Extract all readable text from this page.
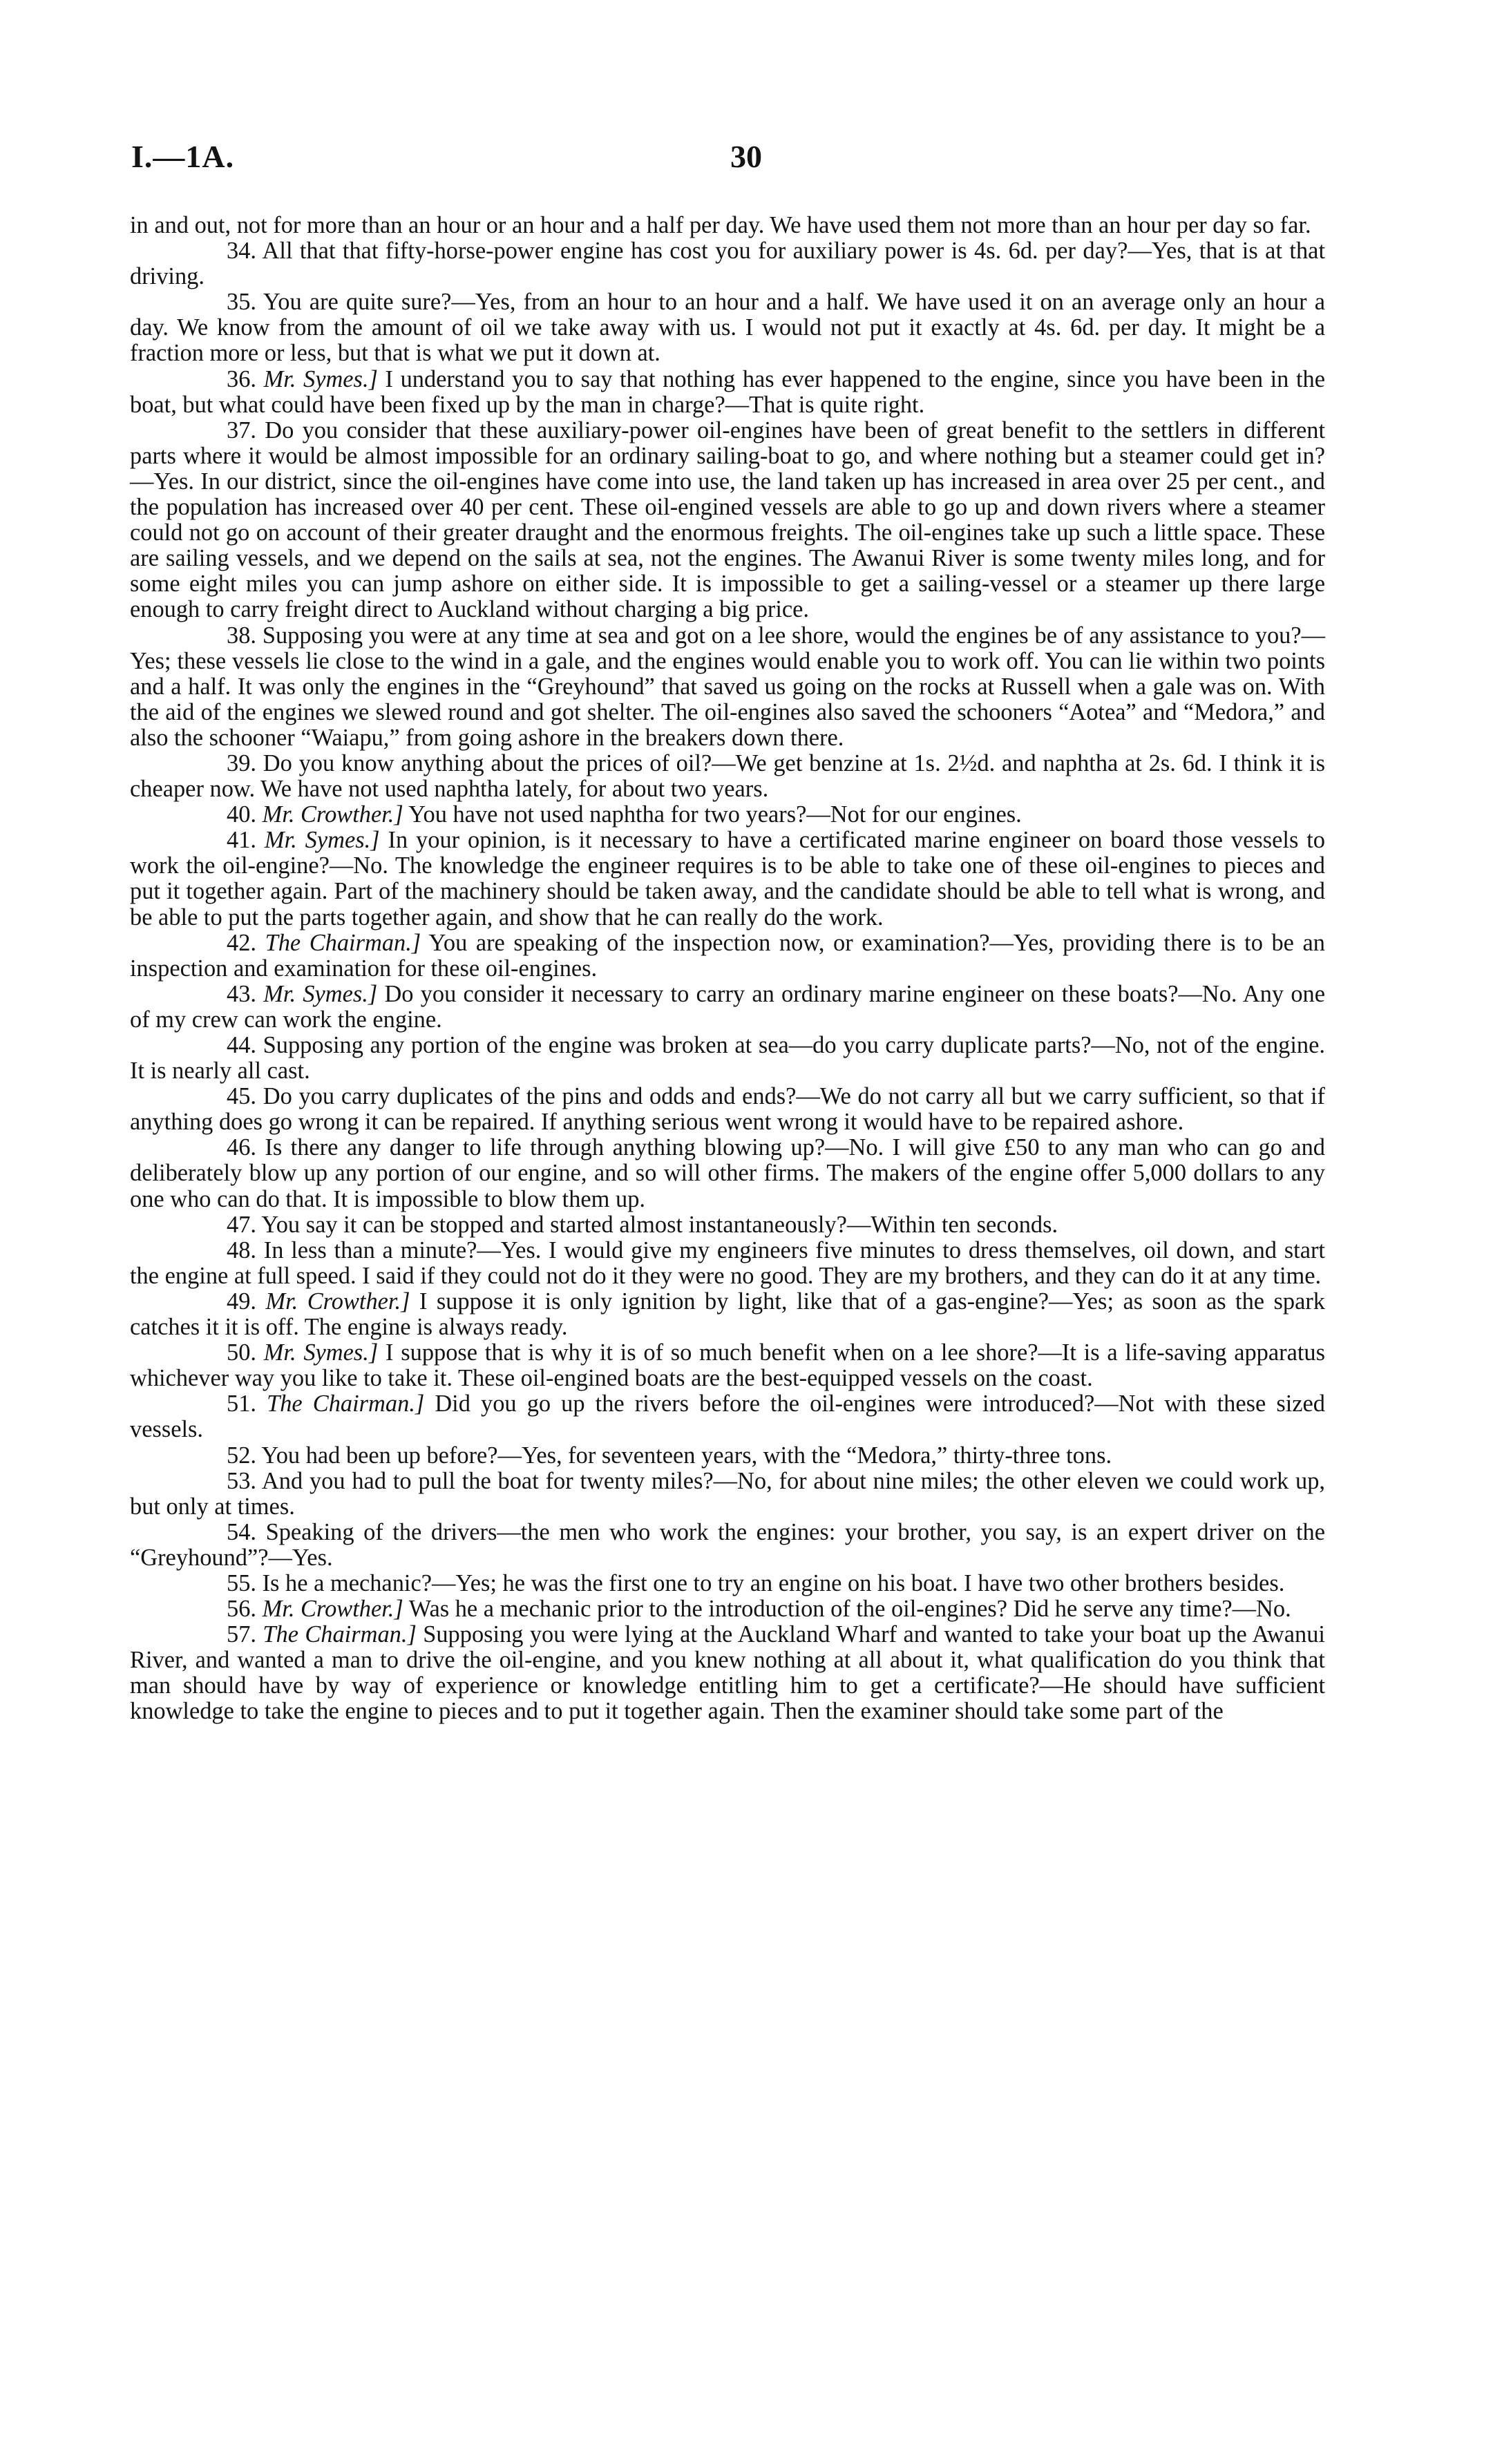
I.—1A.	30

in and out, not for more than an hour or an hour and a half per day. We have used them not more than an hour per day so far.

34. All that that fifty-horse-power engine has cost you for auxiliary power is 4s. 6d. per day?—Yes, that is at that driving.

35. You are quite sure?—Yes, from an hour to an hour and a half. We have used it on an average only an hour a day. We know from the amount of oil we take away with us. I would not put it exactly at 4s. 6d. per day. It might be a fraction more or less, but that is what we put it down at.

36. Mr. Symes.] I understand you to say that nothing has ever happened to the engine, since you have been in the boat, but what could have been fixed up by the man in charge?—That is quite right.

37. Do you consider that these auxiliary-power oil-engines have been of great benefit to the settlers in different parts where it would be almost impossible for an ordinary sailing-boat to go, and where nothing but a steamer could get in?—Yes. In our district, since the oil-engines have come into use, the land taken up has increased in area over 25 per cent., and the population has increased over 40 per cent. These oil-engined vessels are able to go up and down rivers where a steamer could not go on account of their greater draught and the enormous freights. The oil-engines take up such a little space. These are sailing vessels, and we depend on the sails at sea, not the engines. The Awanui River is some twenty miles long, and for some eight miles you can jump ashore on either side. It is impossible to get a sailing-vessel or a steamer up there large enough to carry freight direct to Auckland without charging a big price.

38. Supposing you were at any time at sea and got on a lee shore, would the engines be of any assistance to you?—Yes; these vessels lie close to the wind in a gale, and the engines would enable you to work off. You can lie within two points and a half. It was only the engines in the “Greyhound” that saved us going on the rocks at Russell when a gale was on. With the aid of the engines we slewed round and got shelter. The oil-engines also saved the schooners “Aotea” and “Medora,” and also the schooner “Waiapu,” from going ashore in the breakers down there.

39. Do you know anything about the prices of oil?—We get benzine at 1s. 2½d. and naphtha at 2s. 6d. I think it is cheaper now. We have not used naphtha lately, for about two years.

40. Mr. Crowther.] You have not used naphtha for two years?—Not for our engines.

41. Mr. Symes.] In your opinion, is it necessary to have a certificated marine engineer on board those vessels to work the oil-engine?—No. The knowledge the engineer requires is to be able to take one of these oil-engines to pieces and put it together again. Part of the machinery should be taken away, and the candidate should be able to tell what is wrong, and be able to put the parts together again, and show that he can really do the work.

42. The Chairman.] You are speaking of the inspection now, or examination?—Yes, providing there is to be an inspection and examination for these oil-engines.

43. Mr. Symes.] Do you consider it necessary to carry an ordinary marine engineer on these boats?—No. Any one of my crew can work the engine.

44. Supposing any portion of the engine was broken at sea—do you carry duplicate parts?—No, not of the engine. It is nearly all cast.

45. Do you carry duplicates of the pins and odds and ends?—We do not carry all but we carry sufficient, so that if anything does go wrong it can be repaired. If anything serious went wrong it would have to be repaired ashore.

46. Is there any danger to life through anything blowing up?—No. I will give £50 to any man who can go and deliberately blow up any portion of our engine, and so will other firms. The makers of the engine offer 5,000 dollars to any one who can do that. It is impossible to blow them up.

47. You say it can be stopped and started almost instantaneously?—Within ten seconds.

48. In less than a minute?—Yes. I would give my engineers five minutes to dress themselves, oil down, and start the engine at full speed. I said if they could not do it they were no good. They are my brothers, and they can do it at any time.

49. Mr. Crowther.] I suppose it is only ignition by light, like that of a gas-engine?—Yes; as soon as the spark catches it it is off. The engine is always ready.

50. Mr. Symes.] I suppose that is why it is of so much benefit when on a lee shore?—It is a life-saving apparatus whichever way you like to take it. These oil-engined boats are the best-equipped vessels on the coast.

51. The Chairman.] Did you go up the rivers before the oil-engines were introduced?—Not with these sized vessels.

52. You had been up before?—Yes, for seventeen years, with the “Medora,” thirty-three tons.

53. And you had to pull the boat for twenty miles?—No, for about nine miles; the other eleven we could work up, but only at times.

54. Speaking of the drivers—the men who work the engines: your brother, you say, is an expert driver on the “Greyhound”?—Yes.

55. Is he a mechanic?—Yes; he was the first one to try an engine on his boat. I have two other brothers besides.

56. Mr. Crowther.] Was he a mechanic prior to the introduction of the oil-engines? Did he serve any time?—No.

57. The Chairman.] Supposing you were lying at the Auckland Wharf and wanted to take your boat up the Awanui River, and wanted a man to drive the oil-engine, and you knew nothing at all about it, what qualification do you think that man should have by way of experience or knowledge entitling him to get a certificate?—He should have sufficient knowledge to take the engine to pieces and to put it together again. Then the examiner should take some part of the
